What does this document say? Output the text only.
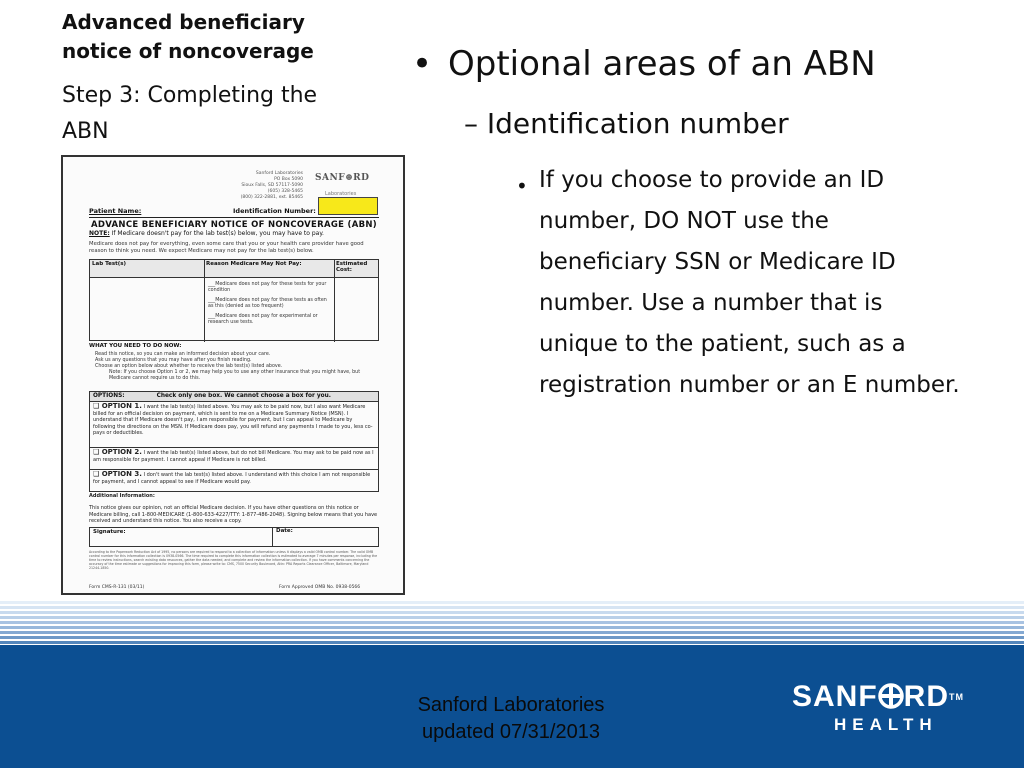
Advanced beneficiary notice of noncoverage
Step 3: Completing the ABN
Sanford Laboratories
PO Box 5090
Sioux Falls, SD 57117-5090
(605) 328-5465
(800) 322-2881, ext. 85465
SANF⊕RD
Laboratories
Patient Name:	Identification Number:
ADVANCE BENEFICIARY NOTICE OF NONCOVERAGE (ABN)
NOTE: If Medicare doesn't pay for the lab test(s) below, you may have to pay.
Medicare does not pay for everything, even some care that you or your health care provider have good reason to think you need. We expect Medicare may not pay for the lab test(s) below.
Lab Test(s)	Reason Medicare May Not Pay:	Estimated Cost:
___Medicare does not pay for these tests for your condition
___Medicare does not pay for these tests as often as this (denied as too frequent)
___Medicare does not pay for experimental or research use tests.
WHAT YOU NEED TO DO NOW:
Read this notice, so you can make an informed decision about your care.
Ask us any questions that you may have after you finish reading.
Choose an option below about whether to receive the lab test(s) listed above.
Note: If you choose Option 1 or 2, we may help you to use any other insurance that you might have, but Medicare cannot require us to do this.
OPTIONS:	Check only one box. We cannot choose a box for you.
❑ OPTION 1. I want the lab test(s) listed above. You may ask to be paid now, but I also want Medicare billed for an official decision on payment, which is sent to me on a Medicare Summary Notice (MSN). I understand that if Medicare doesn't pay, I am responsible for payment, but I can appeal to Medicare by following the directions on the MSN. If Medicare does pay, you will refund any payments I made to you, less co-pays or deductibles.
❑ OPTION 2. I want the lab test(s) listed above, but do not bill Medicare. You may ask to be paid now as I am responsible for payment. I cannot appeal if Medicare is not billed.
❑ OPTION 3. I don't want the lab test(s) listed above. I understand with this choice I am not responsible for payment, and I cannot appeal to see if Medicare would pay.
Additional Information:
This notice gives our opinion, not an official Medicare decision. If you have other questions on this notice or Medicare billing, call 1-800-MEDICARE (1-800-633-4227/TTY: 1-877-486-2048). Signing below means that you have received and understand this notice. You also receive a copy.
Signature:	Date:
According to the Paperwork Reduction Act of 1995, no persons are required to respond to a collection of information unless it displays a valid OMB control number. The valid OMB control number for this information collection is 0938-0566. The time required to complete this information collection is estimated to average 7 minutes per response, including the time to review instructions, search existing data resources, gather the data needed, and complete and review the information collection. If you have comments concerning the accuracy of the time estimate or suggestions for improving this form, please write to: CMS, 7500 Security Boulevard, Attn: PRA Reports Clearance Officer, Baltimore, Maryland 21244-1850.
Form CMS-R-131 (03/11)	Form Approved OMB No. 0938-0566
• Optional areas of an ABN
– Identification number
• If you choose to provide an ID number, DO NOT use the beneficiary SSN or Medicare ID number. Use a number that is unique to the patient, such as a registration number or an E number.
Sanford Laboratories
updated 07/31/2013
SANF RD™
HEALTH
